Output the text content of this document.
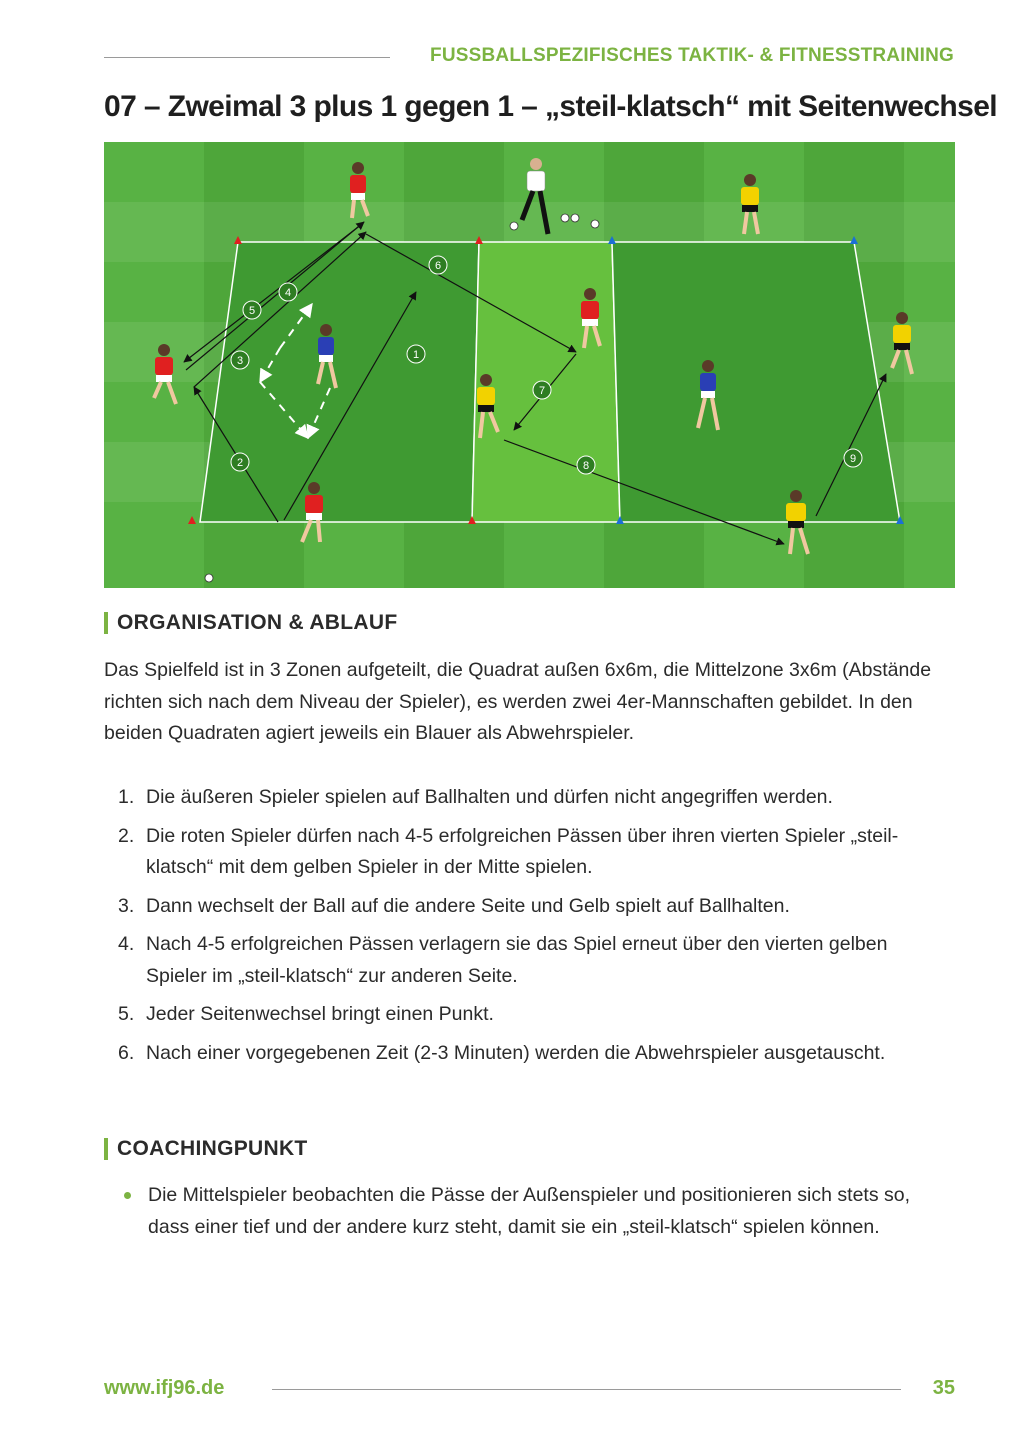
FUSSBALLSPEZIFISCHES TAKTIK- & FITNESSTRAINING
07 – Zweimal 3 plus 1 gegen 1 – „steil-klatsch“ mit Seitenwechsel
1
2
3
4
5
6
7
8
9
ORGANISATION & ABLAUF
Das Spielfeld ist in 3 Zonen aufgeteilt, die Quadrat außen 6x6m, die Mittelzone 3x6m (Abstände richten sich nach dem Niveau der Spieler), es werden zwei 4er-Mannschaften gebildet. In den beiden Quadraten agiert jeweils ein Blauer als Abwehrspieler.
1. Die äußeren Spieler spielen auf Ballhalten und dürfen nicht angegriffen werden.
2. Die roten Spieler dürfen nach 4-5 erfolgreichen Pässen über ihren vierten Spieler „steil-klatsch“ mit dem gelben Spieler in der Mitte spielen.
3. Dann wechselt der Ball auf die andere Seite und Gelb spielt auf Ballhalten.
4. Nach 4-5 erfolgreichen Pässen verlagern sie das Spiel erneut über den vierten gelben Spieler im „steil-klatsch“ zur anderen Seite.
5. Jeder Seitenwechsel bringt einen Punkt.
6. Nach einer vorgegebenen Zeit (2-3 Minuten) werden die Abwehrspieler ausgetauscht.
COACHINGPUNKT
Die Mittelspieler beobachten die Pässe der Außenspieler und positionieren sich stets so, dass einer tief und der andere kurz steht, damit sie ein „steil-klatsch“ spielen können.
www.ifj96.de	35
